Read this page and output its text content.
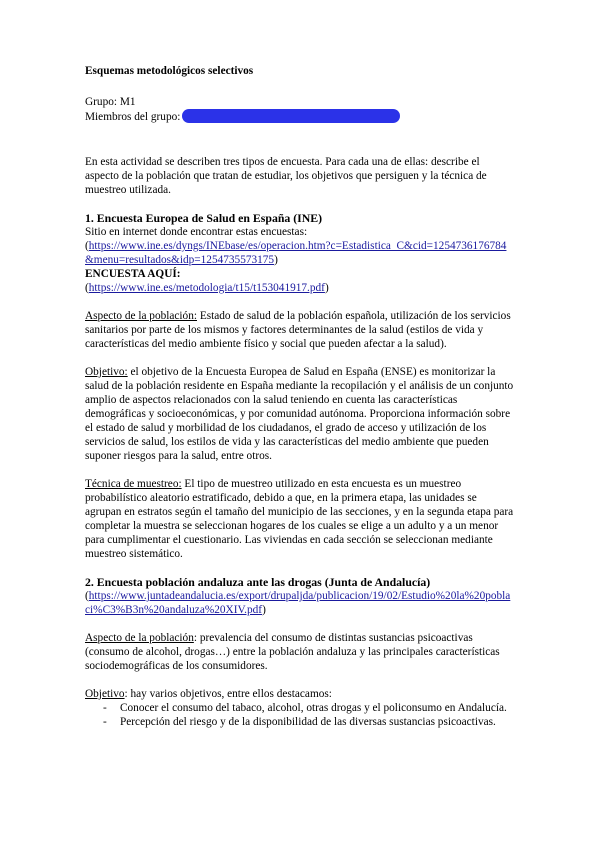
Esquemas metodológicos selectivos

Grupo: M1

Miembros del grupo:

En esta actividad se describen tres tipos de encuesta. Para cada una de ellas: describe el aspecto de la población que tratan de estudiar, los objetivos que persiguen y la técnica de muestreo utilizada.

1. Encuesta Europea de Salud en España (INE)

Sitio en internet donde encontrar estas encuestas:

(https://www.ine.es/dyngs/INEbase/es/operacion.htm?c=Estadistica_C&cid=1254736176784&menu=resultados&idp=1254735573175)

ENCUESTA AQUÍ:

(https://www.ine.es/metodologia/t15/t153041917.pdf)

Aspecto de la población: Estado de salud de la población española, utilización de los servicios sanitarios por parte de los mismos y factores determinantes de la salud (estilos de vida y características del medio ambiente físico y social que pueden afectar a la salud).

Objetivo: el objetivo de la Encuesta Europea de Salud en España (ENSE) es monitorizar la salud de la población residente en España mediante la recopilación y el análisis de un conjunto amplio de aspectos relacionados con la salud teniendo en cuenta las características demográficas y socioeconómicas, y por comunidad autónoma. Proporciona información sobre el estado de salud y morbilidad de los ciudadanos, el grado de acceso y utilización de los servicios de salud, los estilos de vida y las características del medio ambiente que pueden suponer riesgos para la salud, entre otros.

Técnica de muestreo: El tipo de muestreo utilizado en esta encuesta es un muestreo probabilístico aleatorio estratificado, debido a que, en la primera etapa, las unidades se agrupan en estratos según el tamaño del municipio de las secciones, y en la segunda etapa para completar la muestra se seleccionan hogares de los cuales se elige a un adulto y a un menor para cumplimentar el cuestionario. Las viviendas en cada sección se seleccionan mediante muestreo sistemático.

2. Encuesta población andaluza ante las drogas (Junta de Andalucía)

(https://www.juntadeandalucia.es/export/drupaljda/publicacion/19/02/Estudio%20la%20poblaci%C3%B3n%20andaluza%20XIV.pdf)

Aspecto de la población: prevalencia del consumo de distintas sustancias psicoactivas (consumo de alcohol, drogas…) entre la población andaluza y las principales características sociodemográficas de los consumidores.

Objetivo: hay varios objetivos, entre ellos destacamos:

- Conocer el consumo del tabaco, alcohol, otras drogas y el policonsumo en Andalucía.
- Percepción del riesgo y de la disponibilidad de las diversas sustancias psicoactivas.
